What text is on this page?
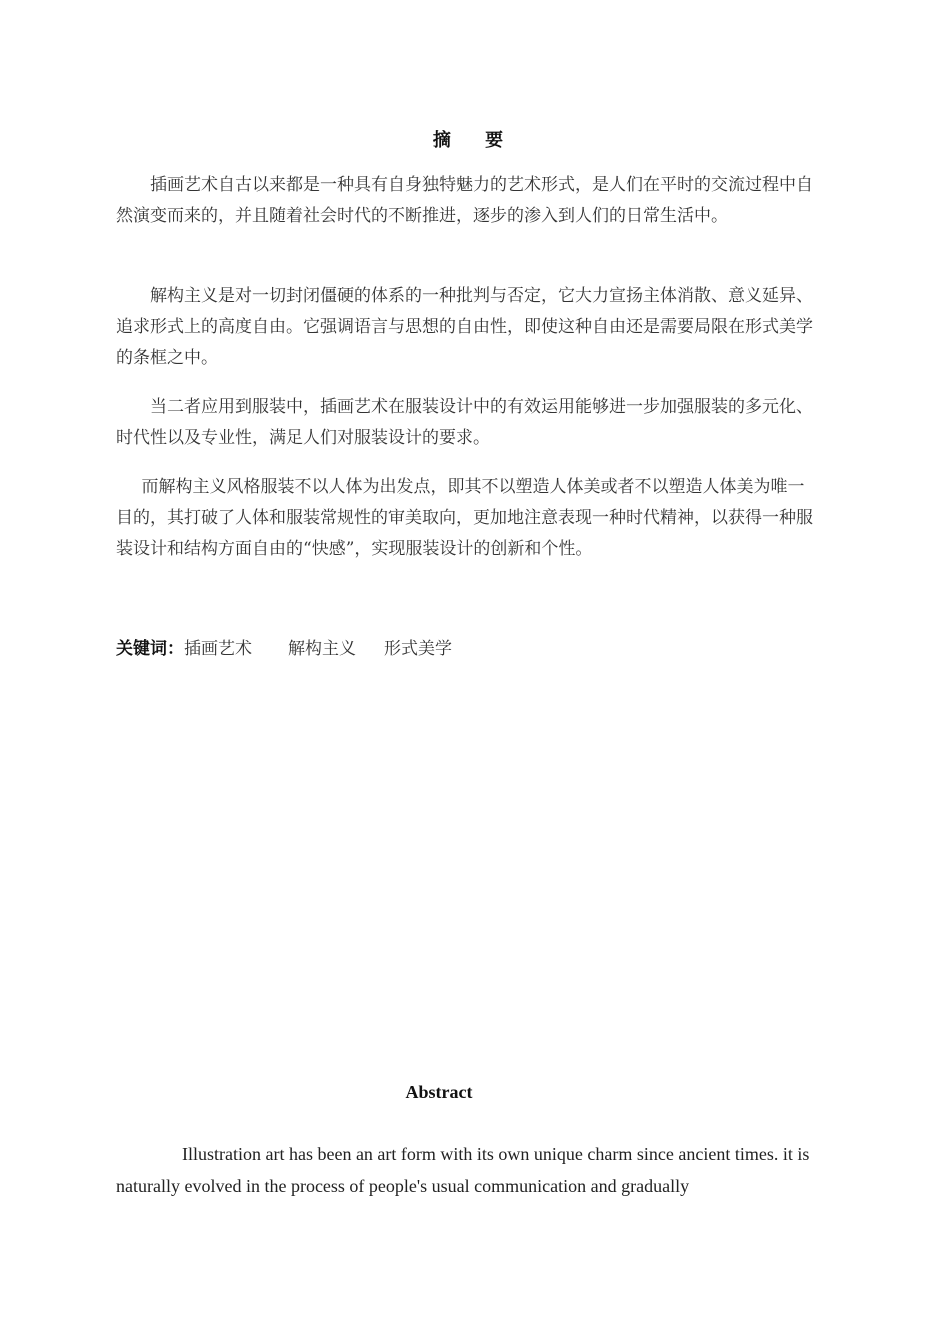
摘 要

插画艺术自古以来都是一种具有自身独特魅力的艺术形式，是人们在平时的交流过程中自然演变而来的，并且随着社会时代的不断推进，逐步的渗入到人们的日常生活中。

解构主义是对一切封闭僵硬的体系的一种批判与否定，它大力宣扬主体消散、意义延异、追求形式上的高度自由。它强调语言与思想的自由性，即使这种自由还是需要局限在形式美学的条框之中。

当二者应用到服装中，插画艺术在服装设计中的有效运用能够进一步加强服装的多元化、时代性以及专业性，满足人们对服装设计的要求。

而解构主义风格服装不以人体为出发点，即其不以塑造人体美或者不以塑造人体美为唯一目的，其打破了人体和服装常规性的审美取向，更加地注意表现一种时代精神，以获得一种服装设计和结构方面自由的“快感”，实现服装设计的创新和个性。

关键词：插画艺术 解构主义 形式美学
Abstract

Illustration art has been an art form with its own unique charm since ancient times. it is naturally evolved in the process of people's usual communication and gradually
